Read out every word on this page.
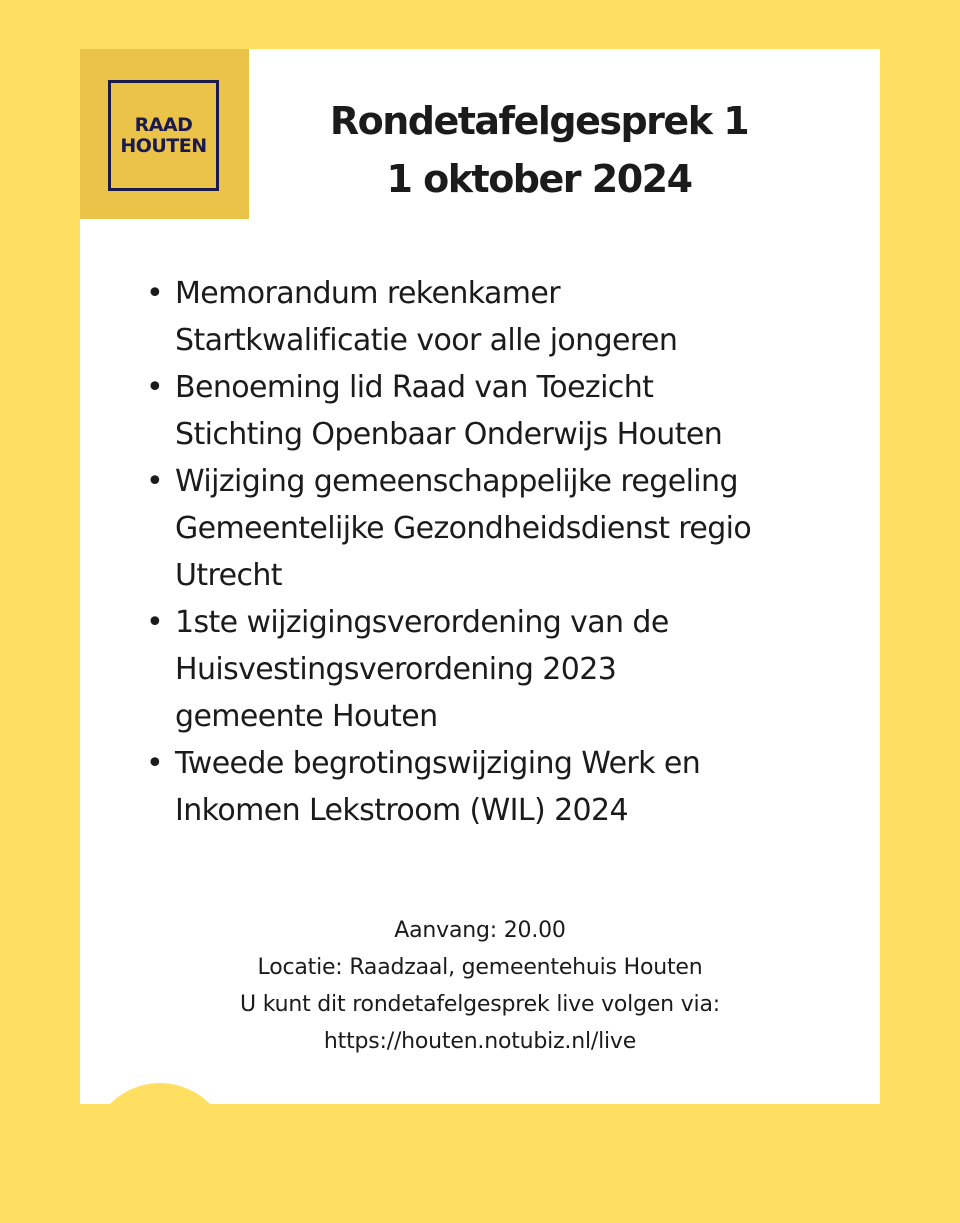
RAAD
HOUTEN
Rondetafelgesprek 1
1 oktober 2024
• Memorandum rekenkamer
Startkwalificatie voor alle jongeren
• Benoeming lid Raad van Toezicht
Stichting Openbaar Onderwijs Houten
• Wijziging gemeenschappelijke regeling
Gemeentelijke Gezondheidsdienst regio
Utrecht
• 1ste wijzigingsverordening van de
Huisvestingsverordening 2023
gemeente Houten
• Tweede begrotingswijziging Werk en
Inkomen Lekstroom (WIL) 2024
Aanvang: 20.00
Locatie: Raadzaal, gemeentehuis Houten
U kunt dit rondetafelgesprek live volgen via:
https://houten.notubiz.nl/live
